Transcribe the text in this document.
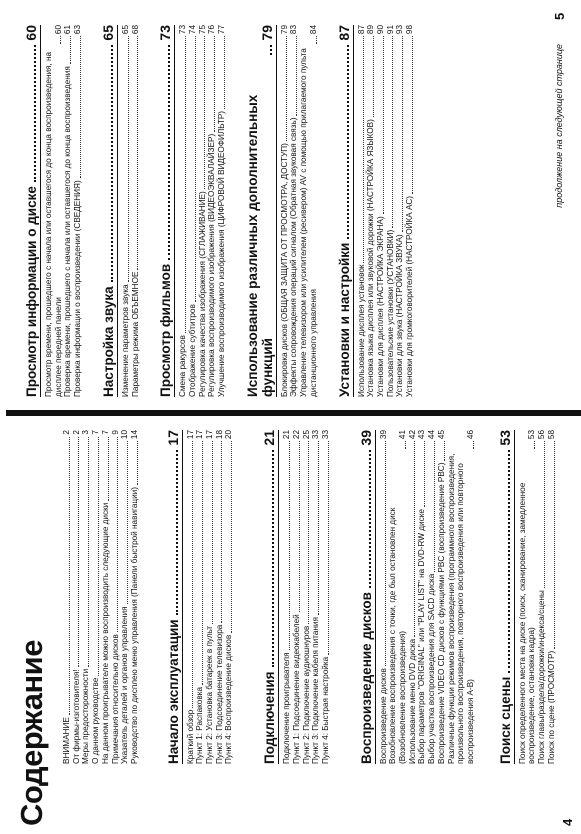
Содержание	4
5
продолжение на следующей странице
ВНИМАНИЕ
2
От фирмы-изготовителя!
2
Меры предосторожности
3
О данном руководстве
7
На данном проигрывателе можно воспроизводить следующие диски
7
Примечания относительно дисков
9
Указатель деталей и органов управления
10
Руководство по дисплею меню управления (Панели быстрой навигации)
14
Начало эксплуатации
17
Краткий обзор
17
Пункт 1: Распаковка
17
Пункт 2: Установка батареек в пульт
17
Пункт 3: Подсоединение телевизора
18
Пункт 4: Воспроизведение дисков
20
Подключения
21
Подключение проигрывателя
21
Пункт 1: Подсоединение видеокабелей
22
Пункт 2: Подключение аудиошнуров
25
Пункт 3: Подключение кабеля питания
33
Пункт 4: Быстрая настройка
33
Воспроизведение дисков
39
Воспроизведение дисков
39
Возобновление воспроизведения с точки, где был остановлен диск (Возобновление воспроизведения)
41
Использование меню DVD диска
42
Выбор параметров "ORIGINAL" или "PLAY LIST" на DVD-RW диске
43
Выбор участка воспроизведения для SACD диска
44
Воспроизведение VIDEO CD дисков с функциями PBC (воспроизведение PBC)
45
Различные функции режимов воспроизведения (программного воспроизведения, произвольного воспроизведения, повторного воспроизведения или повторного воспроизведения A-B)
46
Поиск сцены
53
Поиск определенного места на диске (поиск, сканирование, замедленное воспроизведение, остановка кадра)
53
Поиск главы/раздела/дорожки/индекса/сцены
56
Поиск по сцене (ПРОСМОТР)
58
Просмотр информации о диске
60
Просмотр времени, прошедшего с начала или оставшегося до конца воспроизведения, на дисплее передней панели
60
Проверка времени, прошедшего с начала или оставшегося до конца воспроизведения
61
Проверка информации о воспроизведении (СВЕДЕНИЯ)
63
Настройка звука
65
Изменение параметров звука
65
Параметры режима ОБЪЕМНОЕ
68
Просмотр фильмов
73
Смена ракурсов
73
Отображение субтитров
74
Регулировка качества изображения (СГЛАЖИВАНИЕ)
75
Регулировка воспроизводимого изображения (ВИДЕОЭКВАЛАЙЗЕР)
76
Улучшение воспроизводимого изображения (ЦИФРОВОЙ ВИДЕОФИЛЬТР)
77
Использование различных дополнительных функций
79
Блокировка дисков (ОБЩАЯ ЗАЩИТА ОТ ПРОСМОТРА, ДОСТУП)
79
Эффекты сопровождения операций сигналом (Обратная звуковая связь)
83
Управление телевизором или усилителем (ресивером) AV с помощью прилагаемого пульта дистанционного управления
84
Установки и настройки
87
Использование дисплея установок
87
Установка языка дисплея или звуковой дорожки (НАСТРОЙКА ЯЗЫКОВ)
89
Установки для дисплея (НАСТРОЙКА ЭКРАНА)
90
Пользовательские установки (УСТАНОВКИ)
91
Установки для звука (НАСТРОЙКА ЗВУКА)
93
Установки для громкоговорителей (НАСТРОЙКА АС)
98
